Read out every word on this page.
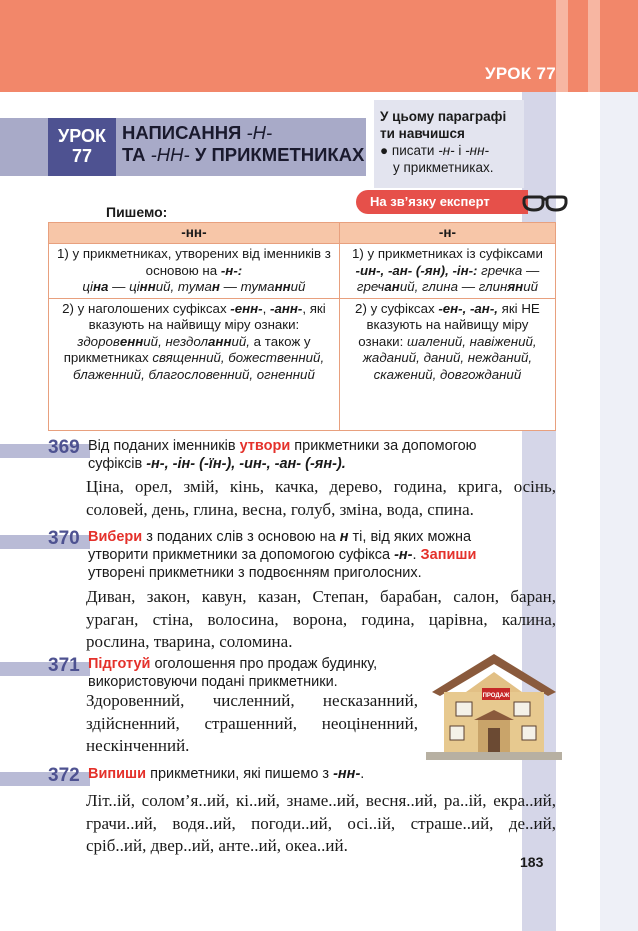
УРОК 77
УРОК
77
НАПИСАННЯ -Н-
ТА -НН- У ПРИКМЕТНИКАХ
У цьому параграфі
ти навчишся
● писати -н- і -нн-
у прикметниках.
На зв’язку експерт
Пишемо:
-нн-	-н-
1) у прикметниках, утворених від іменників з основою на -н-:
ціна — цінний, туман — туманний	1) у прикметниках із суфіксами -ин-, -ан- (-ян), -ін-: гречка — гречаний, глина — глиняний
2) у наголошених суфіксах -енн-, -анн-, які вказують на найвищу міру ознаки: здоровенний, нездоланний, а також у прикметниках священний, божественний, блаженний, благословенний, огненний	2) у суфіксах -ен-, -ан-, які НЕ вказують на найвищу міру ознаки: шалений, навіжений, жаданий, даний, нежданий, скажений, довгожданий
369 Від поданих іменників утвори прикметники за допомогою суфіксів -н-, -ін- (-їн-), -ин-, -ан- (-ян-).
Ціна, орел, змій, кінь, качка, дерево, година, крига, осінь, соловей, день, глина, весна, голуб, зміна, вода, спина.
370 Вибери з поданих слів з основою на н ті, від яких можна утворити прикметники за допомогою суфікса -н-. Запиши утворені прикметники з подвоєнням приголосних.
Диван, закон, кавун, казан, Степан, барабан, салон, баран, ураган, стіна, волосина, ворона, година, царівна, калина, рослина, тварина, соломина.
371 Підготуй оголошення про продаж будинку, використовуючи подані прикметники.
Здоровенний, численний, несказанний, здійсненний, страшенний, неоціненний, нескінченний.
ПРОДАЖ
372 Випиши прикметники, які пишемо з -нн-.
Літ..ій, солом’я..ий, кі..ий, знаме..ий, весня..ий, ра..ій, екра..ий, грачи..ий, водя..ий, погоди..ий, осі..ій, страше..ий, де..ий, сріб..ий, двер..ий, анте..ий, океа..ий.
183
